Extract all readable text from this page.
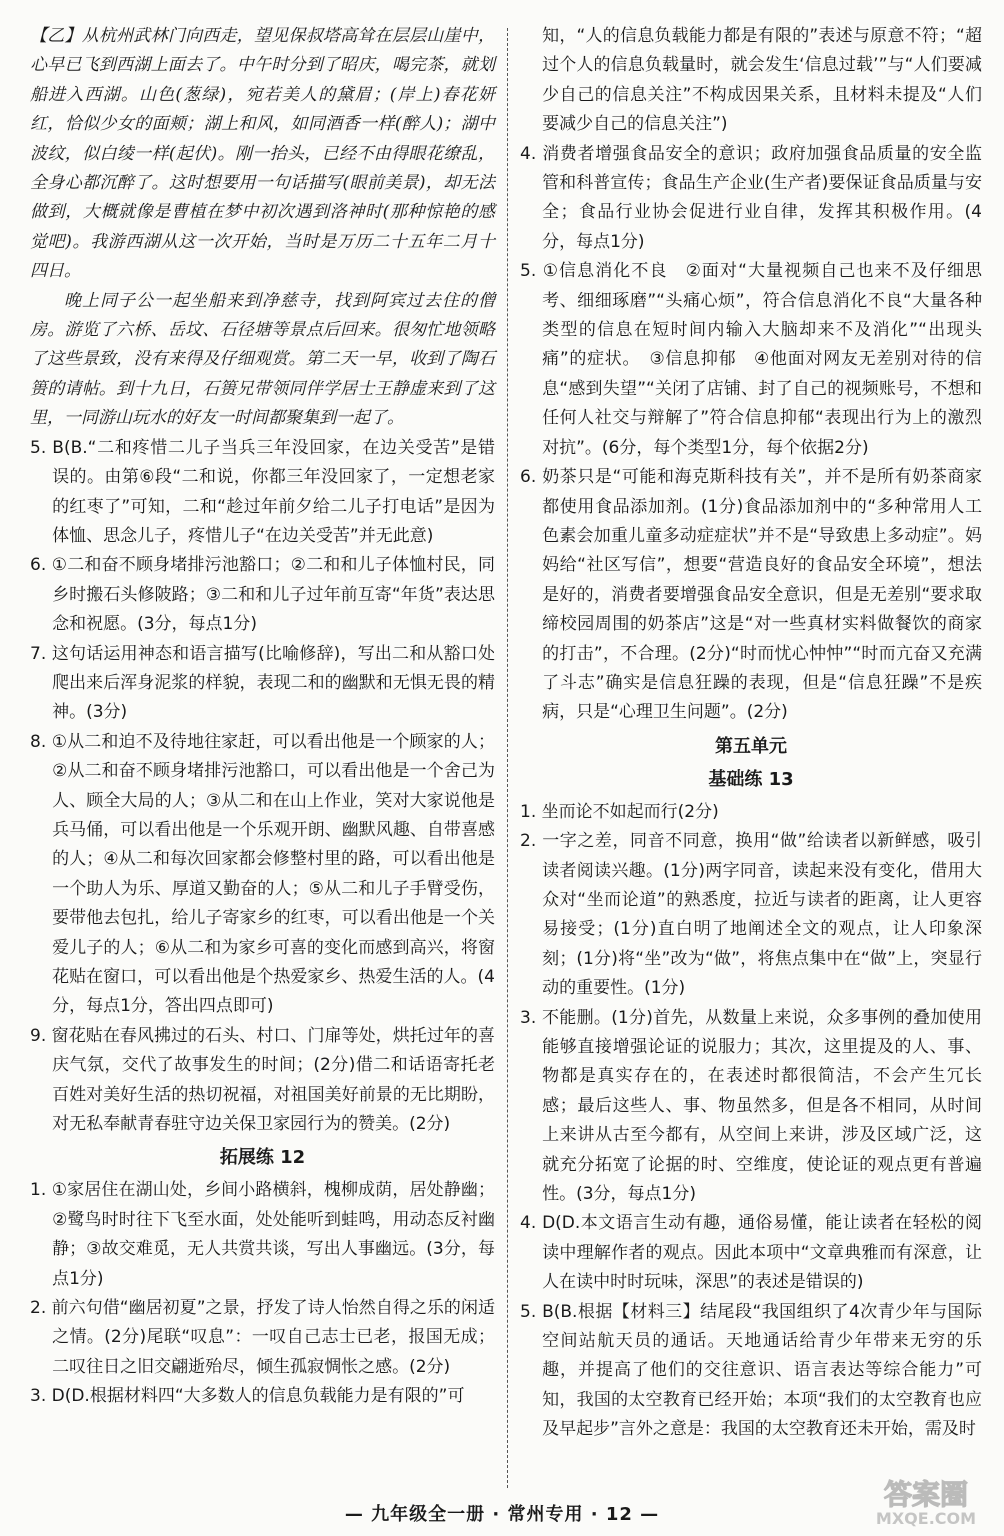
【乙】从杭州武林门向西走，望见保叔塔高耸在层层山崖中，心早已飞到西湖上面去了。中午时分到了昭庆，喝完茶，就划船进入西湖。山色(葱绿)，宛若美人的黛眉；(岸上)春花妍红，恰似少女的面颊；湖上和风，如同酒香一样(醉人)；湖中波纹，似白绫一样(起伏)。刚一抬头，已经不由得眼花缭乱，全身心都沉醉了。这时想要用一句话描写(眼前美景)，却无法做到，大概就像是曹植在梦中初次遇到洛神时(那种惊艳的感觉吧)。我游西湖从这一次开始，当时是万历二十五年二月十四日。

晚上同子公一起坐船来到净慈寺，找到阿宾过去住的僧房。游览了六桥、岳坟、石径塘等景点后回来。很匆忙地领略了这些景致，没有来得及仔细观赏。第二天一早，收到了陶石篑的请帖。到十九日，石篑兄带领同伴学居士王静虚来到了这里，一同游山玩水的好友一时间都聚集到一起了。

5. B(B.“二和疼惜二儿子当兵三年没回家，在边关受苦”是错误的。由第⑥段“二和说，你都三年没回家了，一定想老家的红枣了”可知，二和“趁过年前夕给二儿子打电话”是因为体恤、思念儿子，疼惜儿子“在边关受苦”并无此意)

6. ①二和奋不顾身堵排污池豁口；②二和和儿子体恤村民，同乡时搬石头修陂路；③二和和儿子过年前互寄“年货”表达思念和祝愿。(3分，每点1分)

7. 这句话运用神态和语言描写(比喻修辞)，写出二和从豁口处爬出来后浑身泥浆的样貌，表现二和的幽默和无惧无畏的精神。(3分)

8. ①从二和迫不及待地往家赶，可以看出他是一个顾家的人；②从二和奋不顾身堵排污池豁口，可以看出他是一个舍己为人、顾全大局的人；③从二和在山上作业，笑对大家说他是兵马俑，可以看出他是一个乐观开朗、幽默风趣、自带喜感的人；④从二和每次回家都会修整村里的路，可以看出他是一个助人为乐、厚道又勤奋的人；⑤从二和儿子手臂受伤，要带他去包扎，给儿子寄家乡的红枣，可以看出他是一个关爱儿子的人；⑥从二和为家乡可喜的变化而感到高兴，将窗花贴在窗口，可以看出他是个热爱家乡、热爱生活的人。(4分，每点1分，答出四点即可)

9. 窗花贴在春风拂过的石头、村口、门扉等处，烘托过年的喜庆气氛，交代了故事发生的时间；(2分)借二和话语寄托老百姓对美好生活的热切祝福，对祖国美好前景的无比期盼，对无私奉献青春驻守边关保卫家园行为的赞美。(2分)

拓展练 12

1. ①家居住在湖山处，乡间小路横斜，槐柳成荫，居处静幽；②鹭鸟时时往下飞至水面，处处能听到蛙鸣，用动态反衬幽静；③故交难觅，无人共赏共谈，写出人事幽远。(3分，每点1分)

2. 前六句借“幽居初夏”之景，抒发了诗人怡然自得之乐的闲适之情。(2分)尾联“叹息”：一叹自己志士已老，报国无成；二叹往日之旧交翩逝殆尽，倾生孤寂惆怅之感。(2分)

3. D(D.根据材料四“大多数人的信息负载能力是有限的”可

知，“人的信息负载能力都是有限的”表述与原意不符；“超过个人的信息负载量时，就会发生‘信息过载’”与“人们要减少自己的信息关注”不构成因果关系，且材料未提及“人们要减少自己的信息关注”)

4. 消费者增强食品安全的意识；政府加强食品质量的安全监管和科普宣传；食品生产企业(生产者)要保证食品质量与安全；食品行业协会促进行业自律，发挥其积极作用。(4分，每点1分)

5. ①信息消化不良　②面对“大量视频自己也来不及仔细思考、细细琢磨”“头痛心烦”，符合信息消化不良“大量各种类型的信息在短时间内输入大脑却来不及消化”“出现头痛”的症状。　③信息抑郁　④他面对网友无差别对待的信息“感到失望”“关闭了店铺、封了自己的视频账号，不想和任何人社交与辩解了”符合信息抑郁“表现出行为上的激烈对抗”。(6分，每个类型1分，每个依据2分)

6. 奶茶只是“可能和海克斯科技有关”，并不是所有奶茶商家都使用食品添加剂。(1分)食品添加剂中的“多种常用人工色素会加重儿童多动症症状”并不是“导致患上多动症”。妈妈给“社区写信”，想要“营造良好的食品安全环境”，想法是好的，消费者要增强食品安全意识，但是无差别“要求取缔校园周围的奶茶店”这是“对一些真材实料做餐饮的商家的打击”，不合理。(2分)“时而忧心忡忡”“时而亢奋又充满了斗志”确实是信息狂躁的表现，但是“信息狂躁”不是疾病，只是“心理卫生问题”。(2分)

第五单元
基础练 13

1. 坐而论不如起而行(2分)

2. 一字之差，同音不同意，换用“做”给读者以新鲜感，吸引读者阅读兴趣。(1分)两字同音，读起来没有变化，借用大众对“坐而论道”的熟悉度，拉近与读者的距离，让人更容易接受；(1分)直白明了地阐述全文的观点，让人印象深刻；(1分)将“坐”改为“做”，将焦点集中在“做”上，突显行动的重要性。(1分)

3. 不能删。(1分)首先，从数量上来说，众多事例的叠加使用能够直接增强论证的说服力；其次，这里提及的人、事、物都是真实存在的，在表述时都很简洁，不会产生冗长感；最后这些人、事、物虽然多，但是各不相同，从时间上来讲从古至今都有，从空间上来讲，涉及区域广泛，这就充分拓宽了论据的时、空维度，使论证的观点更有普遍性。(3分，每点1分)

4. D(D.本文语言生动有趣，通俗易懂，能让读者在轻松的阅读中理解作者的观点。因此本项中“文章典雅而有深意，让人在读中时时玩味，深思”的表述是错误的)

5. B(B.根据【材料三】结尾段“我国组织了4次青少年与国际空间站航天员的通话。天地通话给青少年带来无穷的乐趣，并提高了他们的交往意识、语言表达等综合能力”可知，我国的太空教育已经开始；本项“我们的太空教育也应及早起步”言外之意是：我国的太空教育还未开始，需及时

— 九年级全一册 · 常州专用 · 12 —
答案圈
MXQE.COM
